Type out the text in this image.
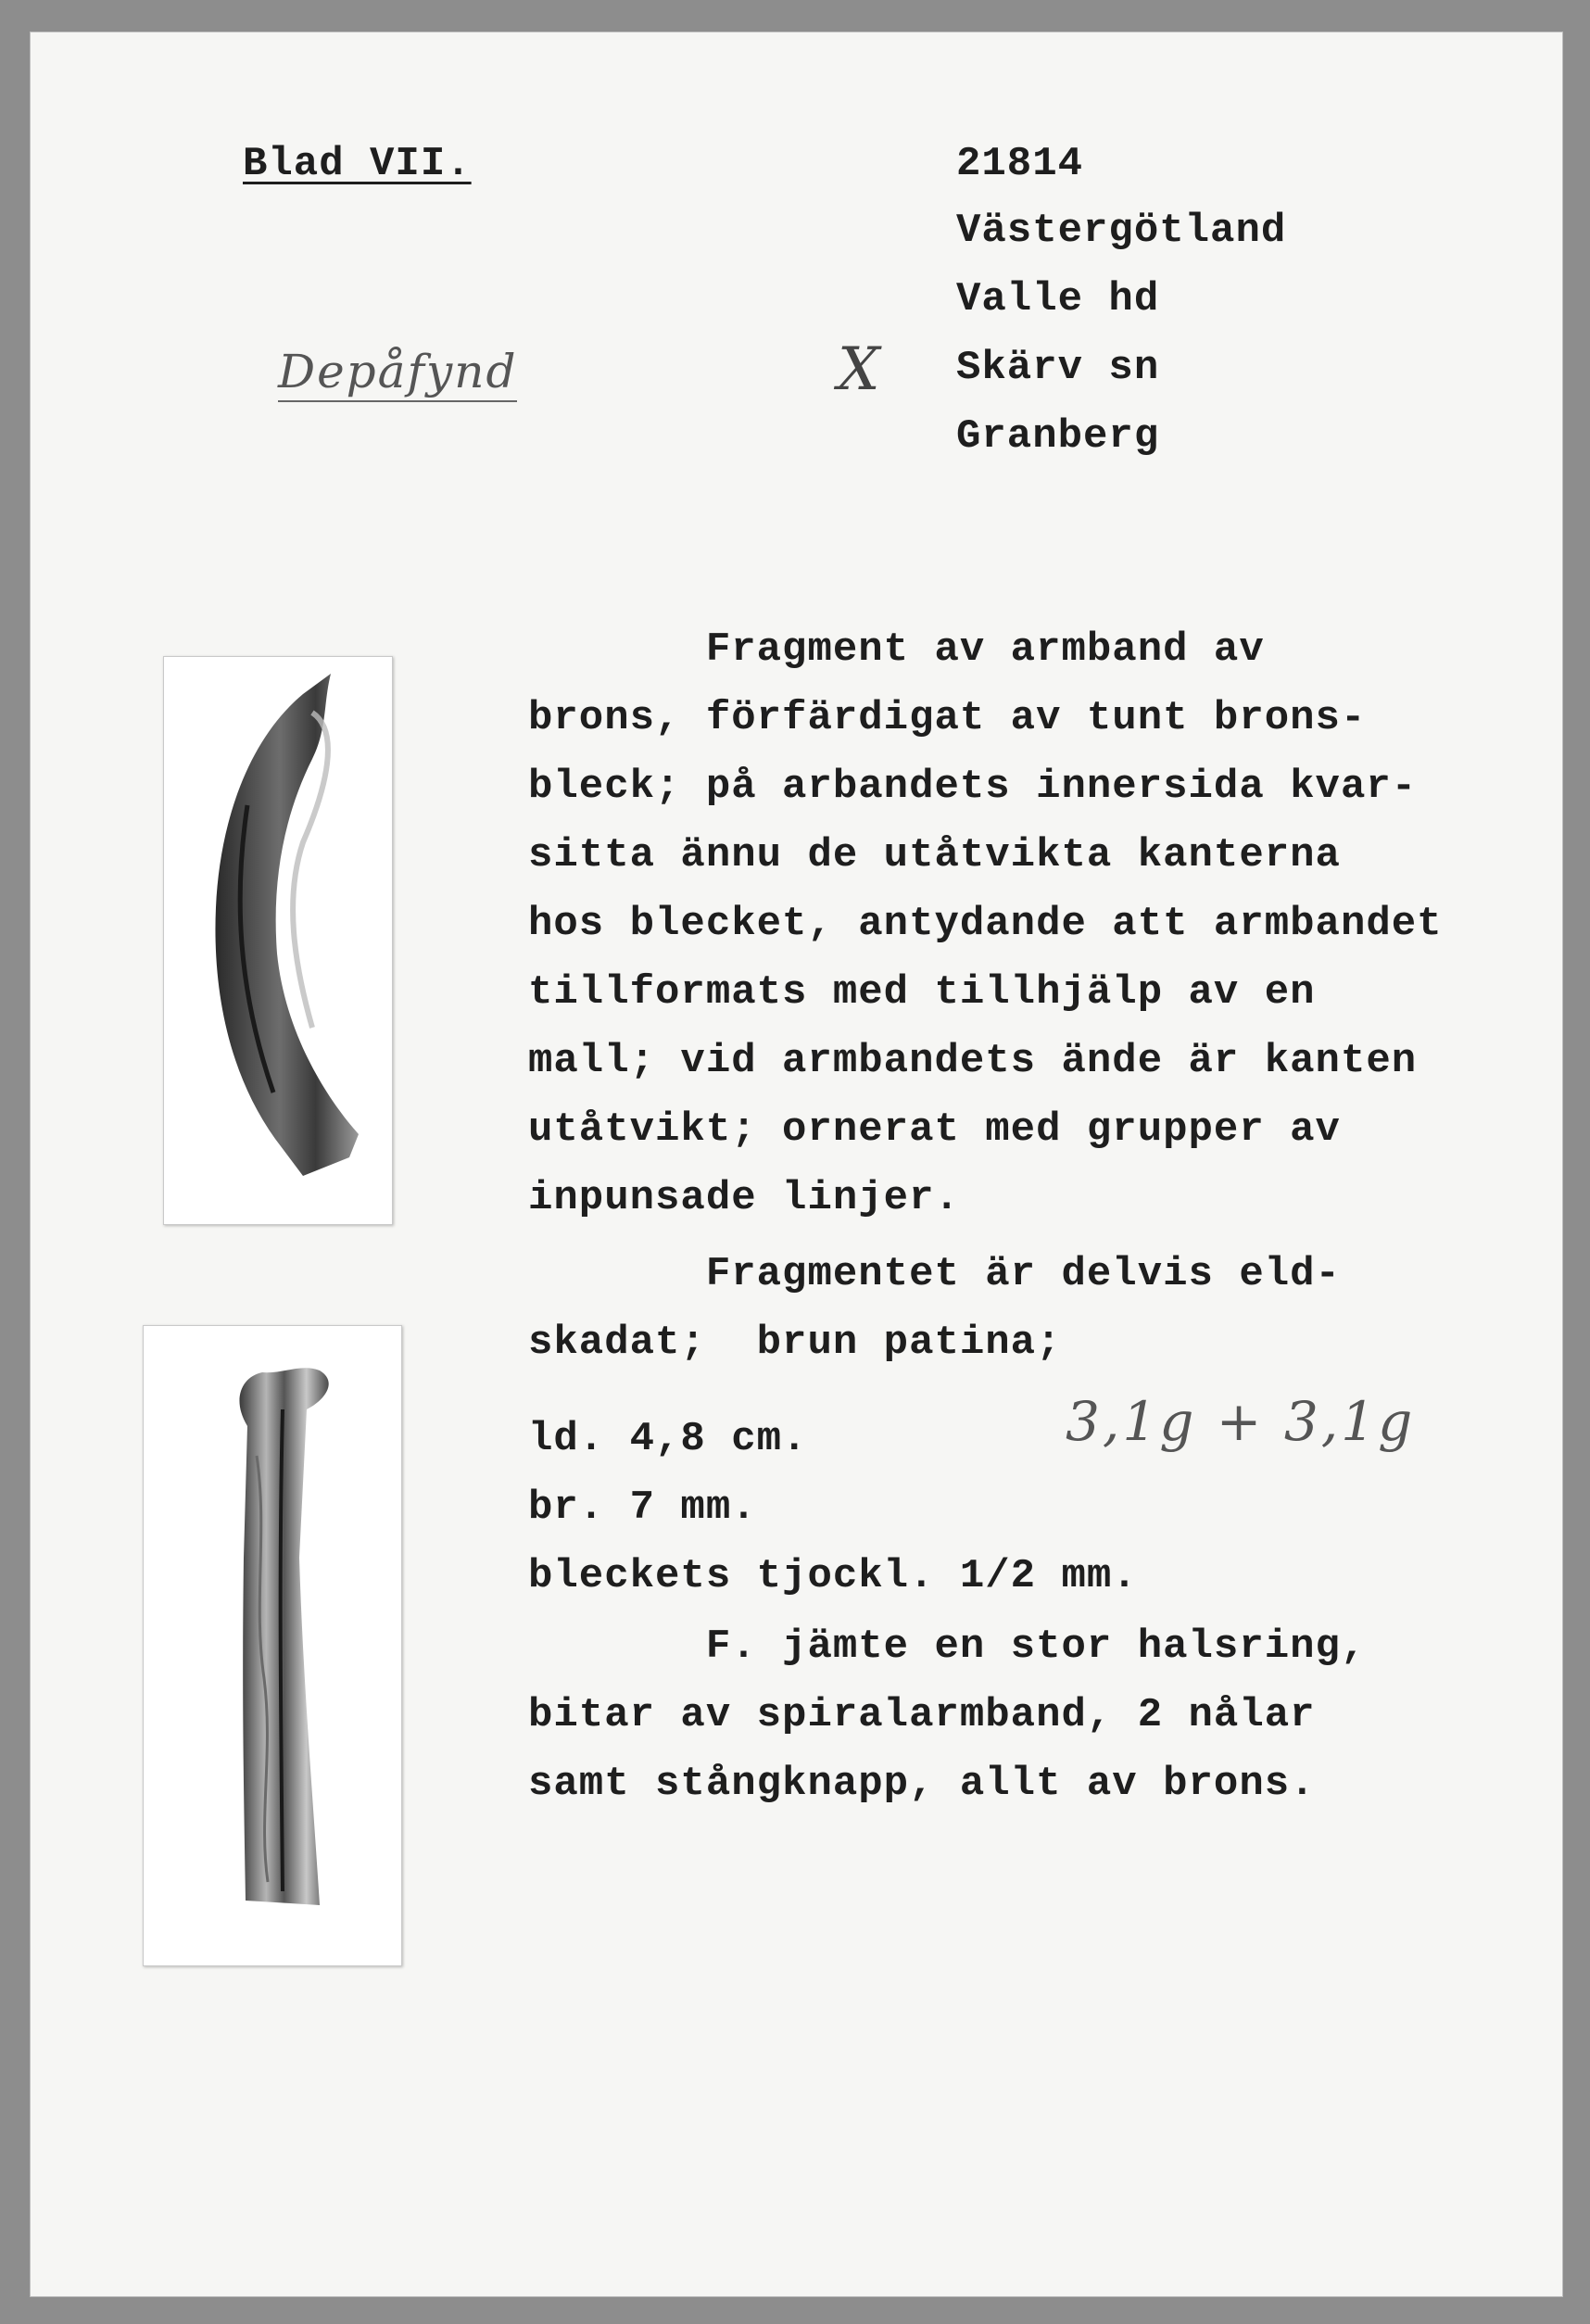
Blad VII.	21814
Västergötland
Valle hd
Skärv sn
Granberg
Depåfynd	X
3,1g + 3,1g
Fragment av armband av
brons, förfärdigat av tunt brons-
bleck; på arbandets innersida kvar-
sitta ännu de utåtvikta kanterna
hos blecket, antydande att armbandet
tillformats med tillhjälp av en
mall; vid armbandets ände är kanten
utåtvikt; ornerat med grupper av
inpunsade linjer.
Fragmentet är delvis eld-
skadat;  brun patina;
ld. 4,8 cm.
br. 7 mm.
bleckets tjockl. 1/2 mm.
F. jämte en stor halsring,
bitar av spiralarmband, 2 nålar
samt stångknapp, allt av brons.
